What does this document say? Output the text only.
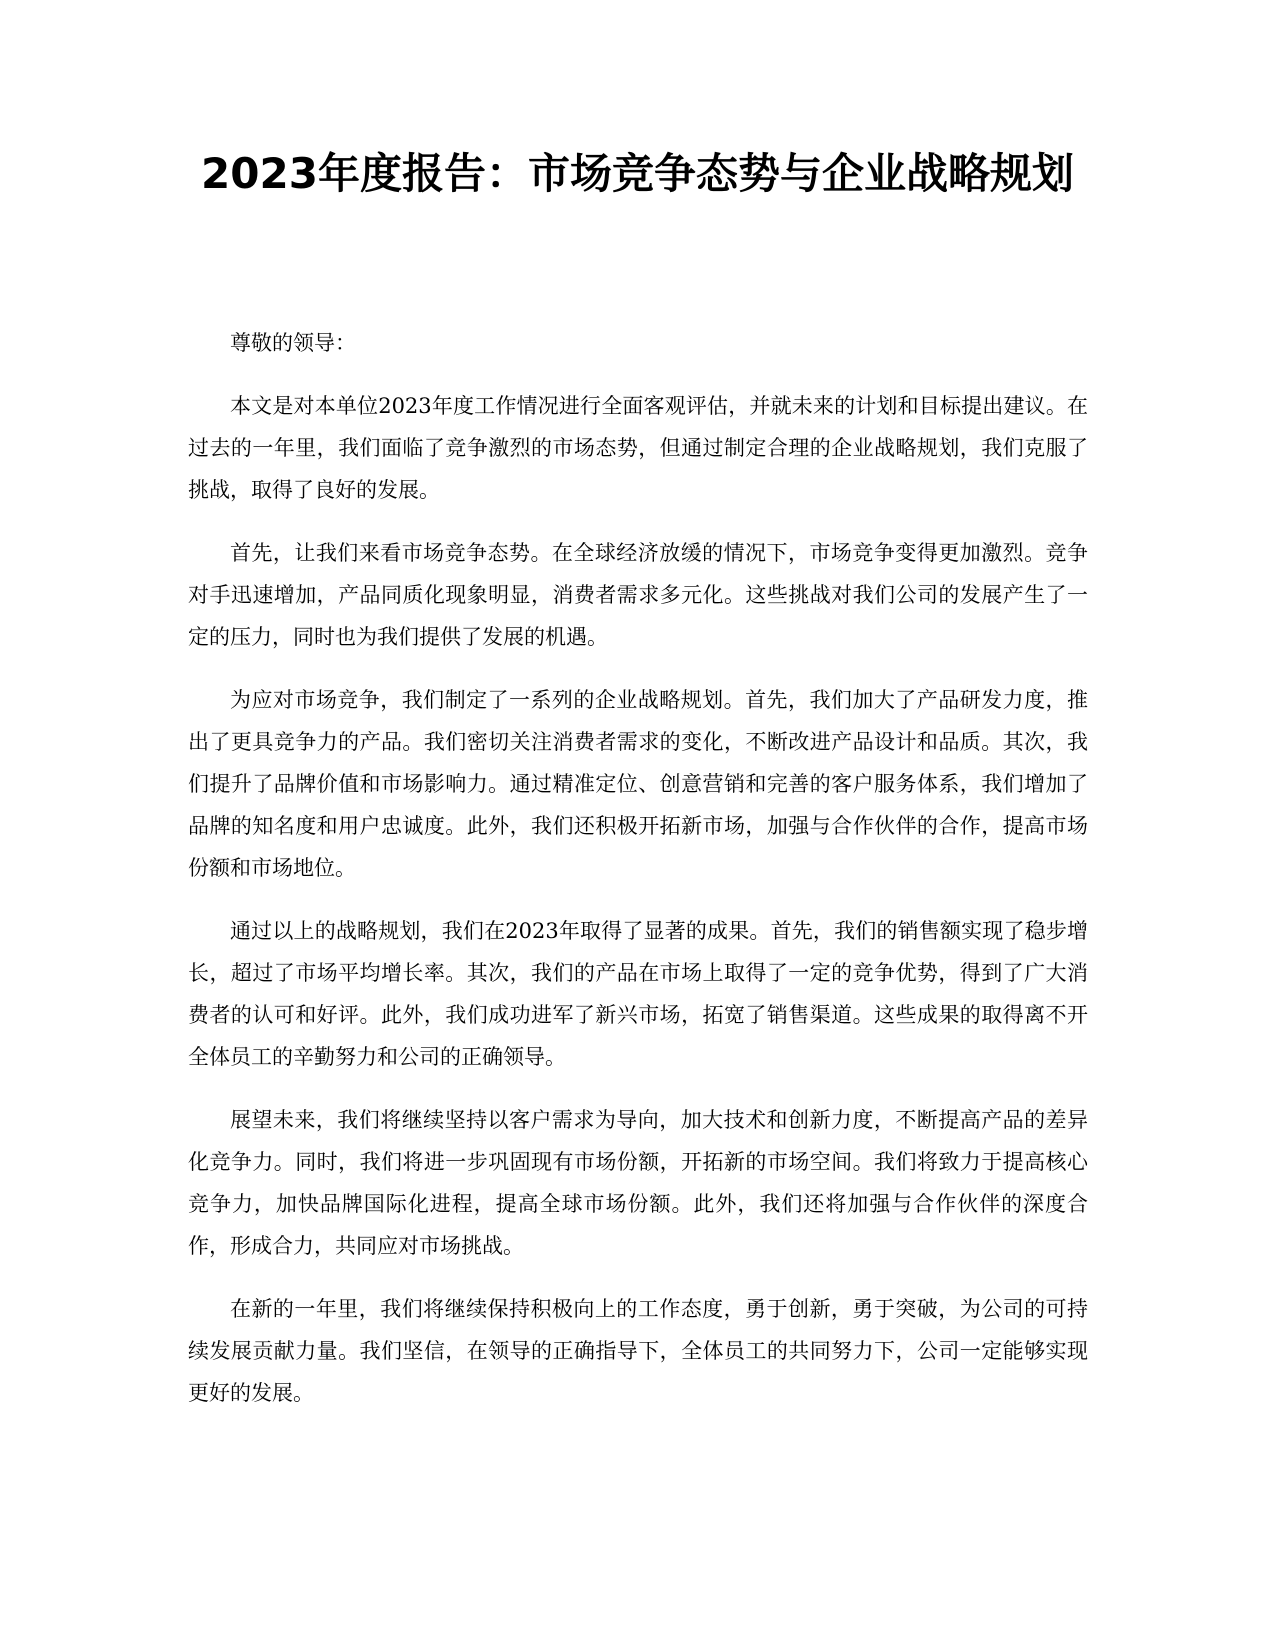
2023年度报告：市场竞争态势与企业战略规划

尊敬的领导：

本文是对本单位2023年度工作情况进行全面客观评估，并就未来的计划和目标提出建议。在过去的一年里，我们面临了竞争激烈的市场态势，但通过制定合理的企业战略规划，我们克服了挑战，取得了良好的发展。

首先，让我们来看市场竞争态势。在全球经济放缓的情况下，市场竞争变得更加激烈。竞争对手迅速增加，产品同质化现象明显，消费者需求多元化。这些挑战对我们公司的发展产生了一定的压力，同时也为我们提供了发展的机遇。

为应对市场竞争，我们制定了一系列的企业战略规划。首先，我们加大了产品研发力度，推出了更具竞争力的产品。我们密切关注消费者需求的变化，不断改进产品设计和品质。其次，我们提升了品牌价值和市场影响力。通过精准定位、创意营销和完善的客户服务体系，我们增加了品牌的知名度和用户忠诚度。此外，我们还积极开拓新市场，加强与合作伙伴的合作，提高市场份额和市场地位。

通过以上的战略规划，我们在2023年取得了显著的成果。首先，我们的销售额实现了稳步增长，超过了市场平均增长率。其次，我们的产品在市场上取得了一定的竞争优势，得到了广大消费者的认可和好评。此外，我们成功进军了新兴市场，拓宽了销售渠道。这些成果的取得离不开全体员工的辛勤努力和公司的正确领导。

展望未来，我们将继续坚持以客户需求为导向，加大技术和创新力度，不断提高产品的差异化竞争力。同时，我们将进一步巩固现有市场份额，开拓新的市场空间。我们将致力于提高核心竞争力，加快品牌国际化进程，提高全球市场份额。此外，我们还将加强与合作伙伴的深度合作，形成合力，共同应对市场挑战。

在新的一年里，我们将继续保持积极向上的工作态度，勇于创新，勇于突破，为公司的可持续发展贡献力量。我们坚信，在领导的正确指导下，全体员工的共同努力下，公司一定能够实现更好的发展。
